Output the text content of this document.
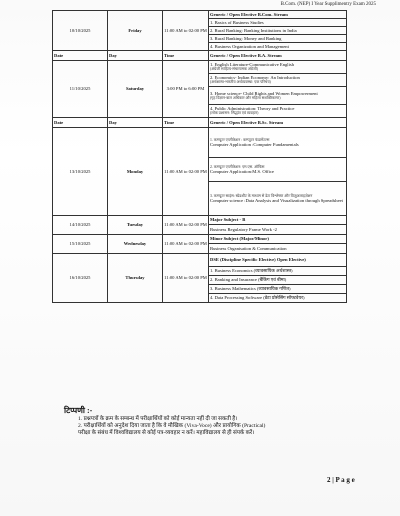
B.Com. (NEP) I Year Supplimentry Exam 2025
10/10/2025	Friday	11:00 AM to 02:00 PM	Generic / Open Elective B.Com. Stream
			1. Basics of Business Studies
			2. Rural Banking: Banking Institutions in India
			3. Rural Banking: Money and Banking
			4. Business Organization and Management
Date	Day	Time	Generic / Open Elective B.A. Stream
11/10/2025	Saturday	3:00 PM to 6:00 PM	1. English Literature-Communicative English
(अंग्रेजी साहित्य-संचारात्मक अंग्रेजी)

			2. Economics- Indian Economy: An Introduction
(अर्थशास्त्र-भारतीय अर्थव्यवस्था: एक परिचय)

			3. Home science- Child Rights and Women Empowerment
(गृह विज्ञान-बाल अधिकार और महिला सशक्तिकरण)

			4. Public Administration: Theory and Practice
(लोक प्रशासन: सिद्धांत एवं व्यवहार)

Date	Day	Time	Generic / Open Elective B.Sc. Stream
13/10/2025	Monday	11:00 AM to 02:00 PM	1. कम्प्यूटर एप्लीकेशन : कम्प्यूटर फंडामेंटल्स
Computer Application :Computer Fundamentals

			2. कम्प्यूटर एप्लीकेशन: एम.एस. ऑफिस
Computer Application:M.S. Office

			3. कम्प्यूटर साइंस: स्प्रेडशीट के माध्यम से डेटा विश्लेषण और विज़ुअलाइज़ेशन
Computer science :Data Analysis and Visualization through Spreadsheet
14/10/2025	Tuesday	11:00 AM to 02:00 PM	Major Subject - B
			Business Regulatory Frame Work -2
15/10/2025	Wednesday	11:00 AM to 02:00 PM	Minor Subject (Major/Minor)
			Business Organisation & Communication
16/10/2025	Thursday	11:00 AM to 02:00 PM	DSE (Discipline Specific Elective) Open Elective)
			1. Business Economics (व्यावसायिक अर्थशास्त्र)
			2. Banking and Insurance (बैंकिंग एवं बीमा)
			3. Business Mathematics (व्यावसायिक गणित)
			4. Data Processing Software (डेटा प्रोसेसिंग सॉफ्टवेयर)
टिप्पणी :-
1. प्रश्नपत्रों के क्रम के सम्बन्ध में परीक्षार्थियों को कोई मान्यता नहीं दी जा सकती है।
2. परीक्षार्थियों को अनुदेश दिया जाता है कि वे मौखिक (Viva-Voce) और प्रायोगिक (Practical)
परीक्षा के संबंध में विश्वविद्यालय से कोई पत्र-व्यवहार न करें। महाविद्यालय से ही संपर्क करें।
2 | P a g e
